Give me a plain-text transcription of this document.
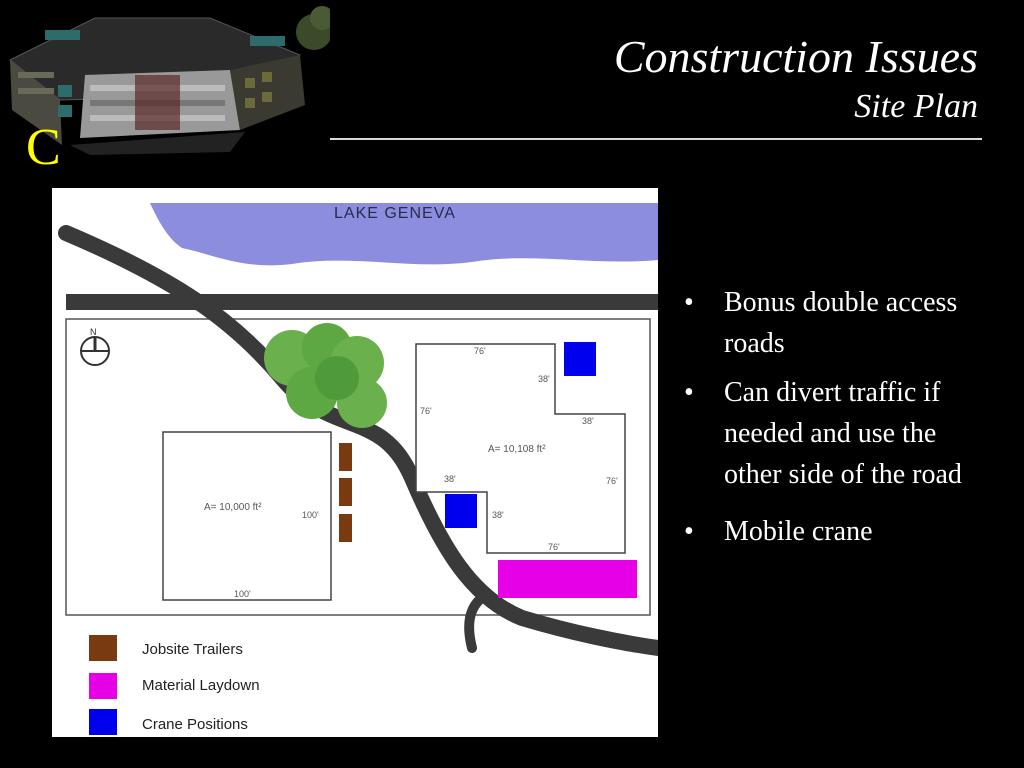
C
Construction Issues
Site Plan
N
LAKE GENEVA
A= 10,000 ft²
100'
100'
A= 10,108 ft²
76'
76'
38'
38'
38'
38'
76'
76'
Jobsite Trailers
Material Laydown
Crane Positions
• Bonus double access roads
• Can divert traffic if needed and use the other side of the road
• Mobile crane
